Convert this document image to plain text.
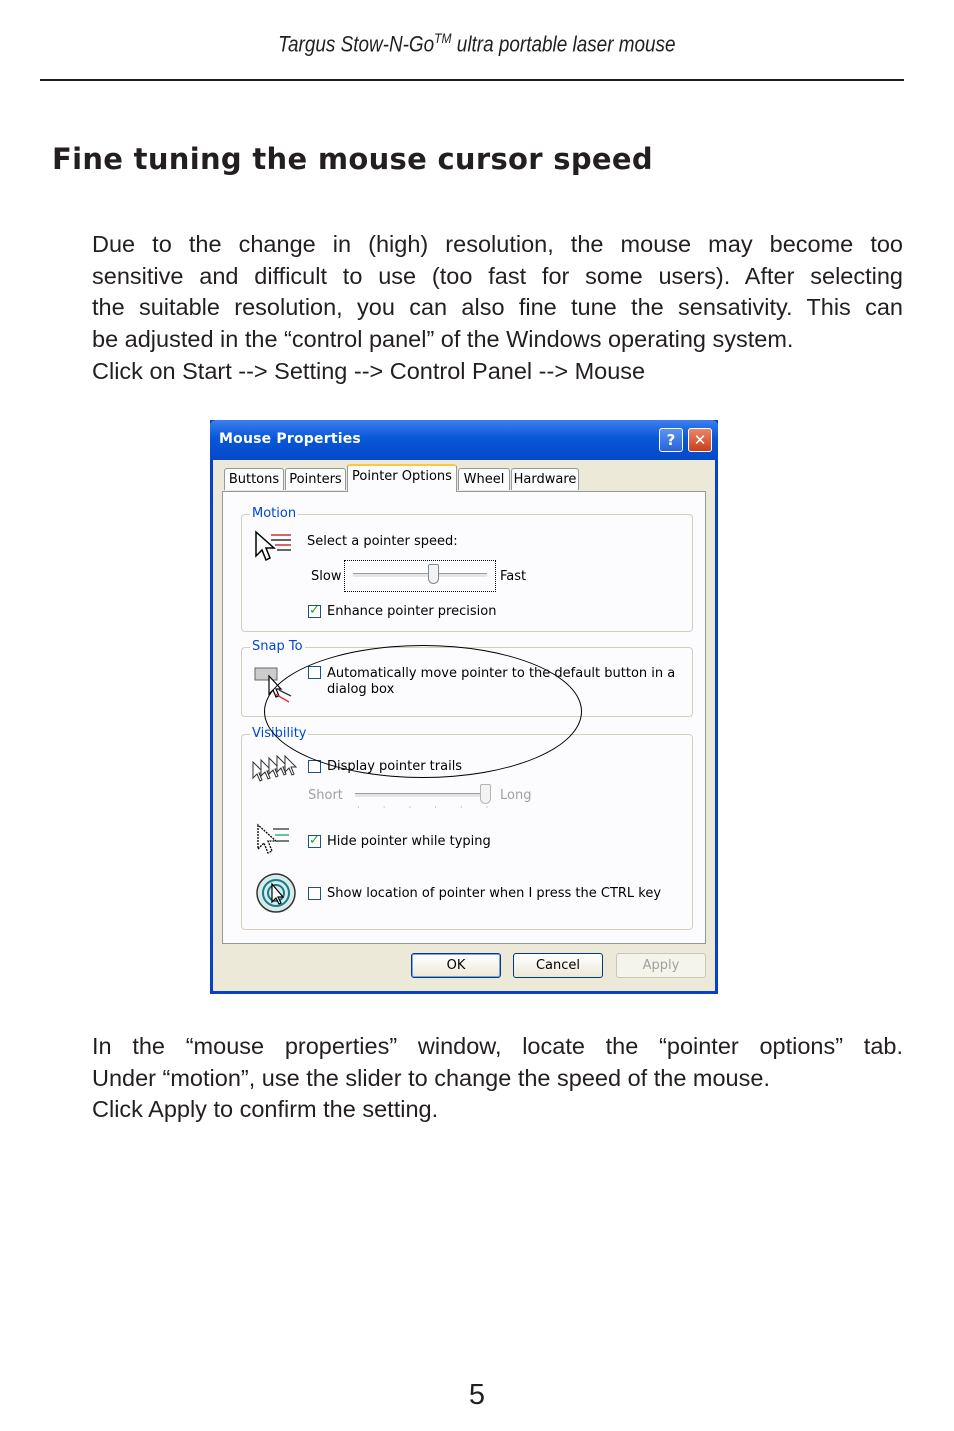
Targus Stow-N-Go™ ultra portable laser mouse
Fine tuning the mouse cursor speed
Due to the change in (high) resolution, the mouse may become too
sensitive and difficult to use (too fast for some users). After selecting
the suitable resolution, you can also fine tune the sensativity. This can
be adjusted in the “control panel” of the Windows operating system.
Click on Start --> Setting --> Control Panel --> Mouse
Mouse Properties	?	✕
Buttons Pointers Pointer Options Wheel Hardware
Motion
Select a pointer speed:
Slow	Fast
✓
Enhance pointer precision
Snap To
Automatically move pointer to the default button in a
dialog box
Visibility
Display pointer trails
Short
· · · · · ·
Long
✓
Hide pointer while typing
Show location of pointer when I press the CTRL key
OK	Cancel	Apply
In the “mouse properties” window, locate the “pointer options” tab.
Under “motion”, use the slider to change the speed of the mouse.
Click Apply to confirm the setting.
5
